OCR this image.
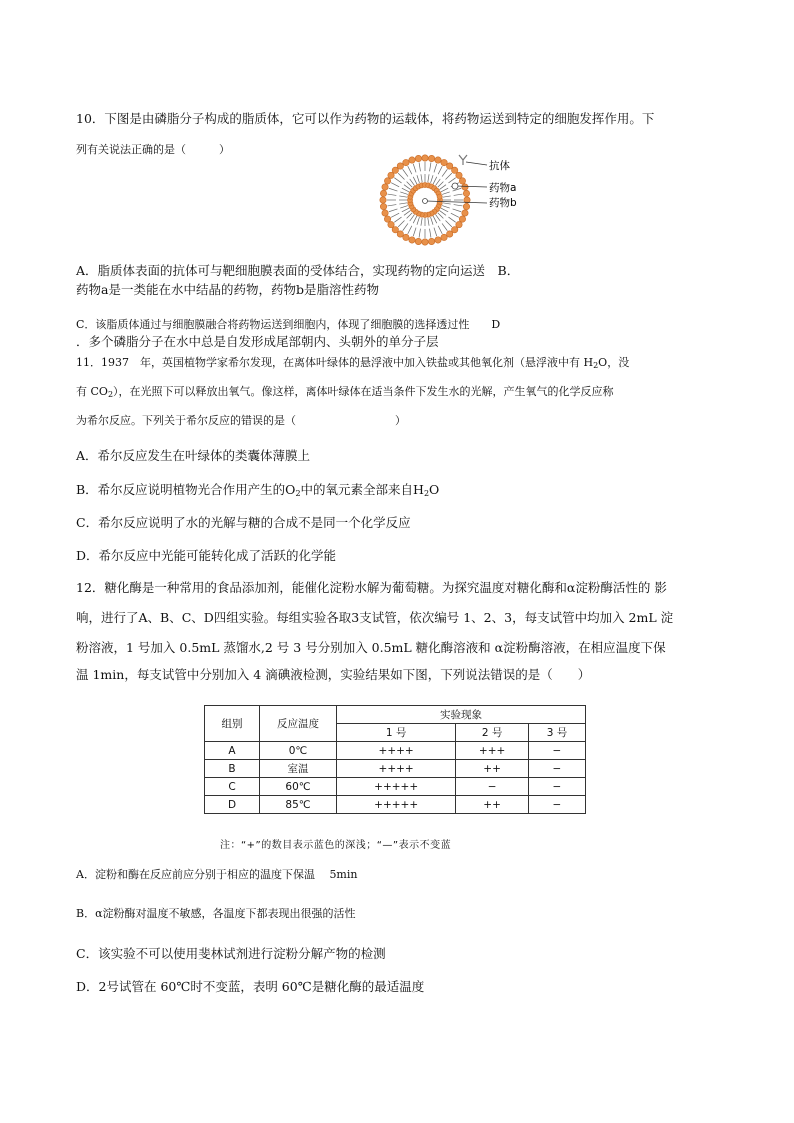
10．下图是由磷脂分子构成的脂质体，它可以作为药物的运载体，将药物运送到特定的细胞发挥作用。下
列有关说法正确的是（　　　）
抗体
药物a
药物b
A．脂质体表面的抗体可与靶细胞膜表面的受体结合，实现药物的定向运送　B．
药物a是一类能在水中结晶的药物，药物b是脂溶性药物
C．该脂质体通过与细胞膜融合将药物运送到细胞内，体现了细胞膜的选择透过性　　D
．多个磷脂分子在水中总是自发形成尾部朝内、头朝外的单分子层
11．1937　年，英国植物学家希尔发现，在离体叶绿体的悬浮液中加入铁盐或其他氧化剂（悬浮液中有 $H_2O$，没
有 $CO_2$），在光照下可以释放出氧气。像这样，离体叶绿体在适当条件下发生水的光解，产生氧气的化学反应称
为希尔反应。下列关于希尔反应的错误的是（　　　　　　　　　）
A．希尔反应发生在叶绿体的类囊体薄膜上
B．希尔反应说明植物光合作用产生的$O_2$中的氧元素全部来自$H_2O$
C．希尔反应说明了水的光解与糖的合成不是同一个化学反应
D．希尔反应中光能可能转化成了活跃的化学能
12．糖化酶是一种常用的食品添加剂，能催化淀粉水解为葡萄糖。为探究温度对糖化酶和α淀粉酶活性的 影
响，进行了A、B、C、D四组实验。每组实验各取3支试管，依次编号 1、2、3，每支试管中均加入 2mL 淀
粉溶液，1 号加入 0.5mL 蒸馏水,2 号 3 号分别加入 0.5mL 糖化酶溶液和 α淀粉酶溶液，在相应温度下保
温 1min，每支试管中分别加入 4 滴碘液检测，实验结果如下图，下列说法错误的是（　　）
组别	反应温度	实验现象		
		1 号	2 号	3 号
A	0℃	++++	+++	−
B	室温	++++	++	−
C	60℃	+++++	−	−
D	85℃	+++++	++	−
注：“+”的数目表示蓝色的深浅；“—”表示不变蓝
A．淀粉和酶在反应前应分别于相应的温度下保温　 5min
B．α淀粉酶对温度不敏感，各温度下都表现出很强的活性
C．该实验不可以使用斐林试剂进行淀粉分解产物的检测
D．2号试管在 60℃时不变蓝，表明 60℃是糖化酶的最适温度
